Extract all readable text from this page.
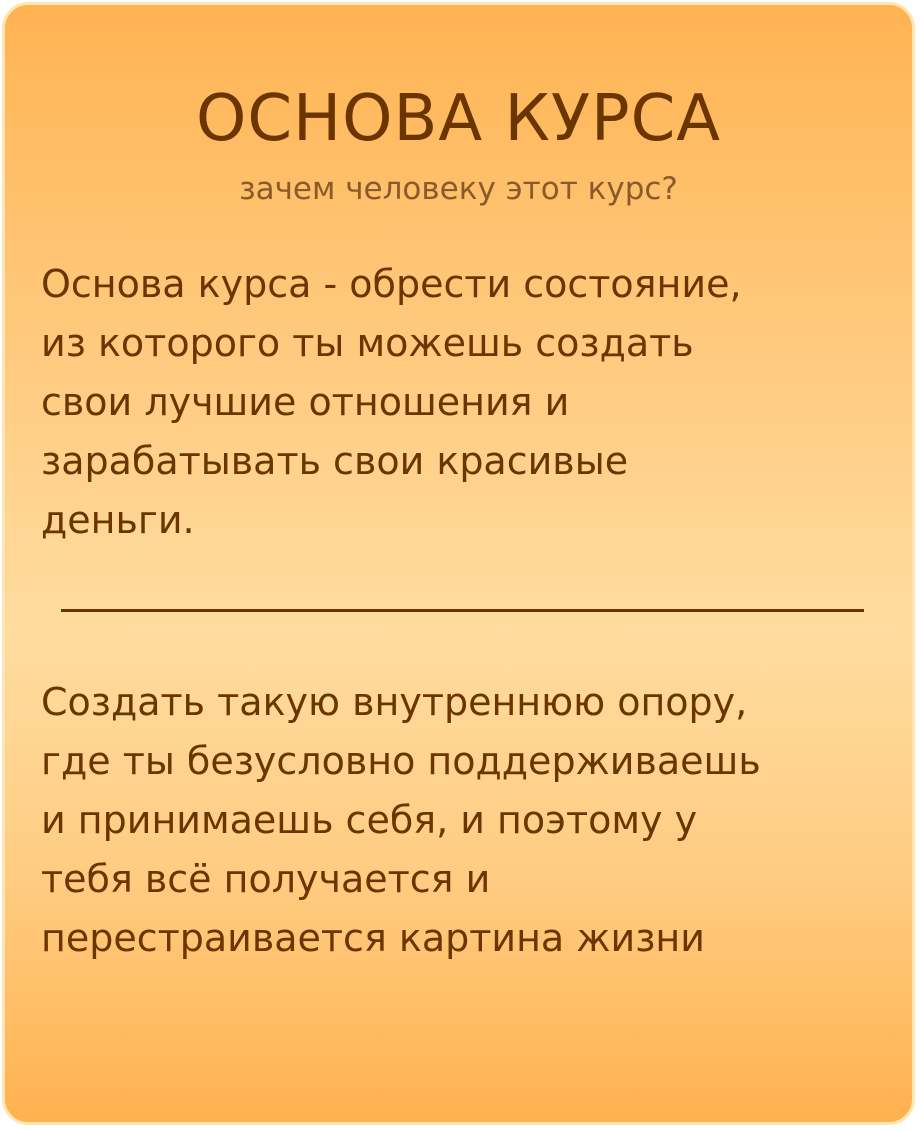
ОСНОВА КУРСА
зачем человеку этот курс?
Основа курса - обрести состояние,
из которого ты можешь создать
свои лучшие отношения и
зарабатывать свои красивые
деньги.
Создать такую внутреннюю опору,
где ты безусловно поддерживаешь
и принимаешь себя, и поэтому у
тебя всё получается и
перестраивается картина жизни
